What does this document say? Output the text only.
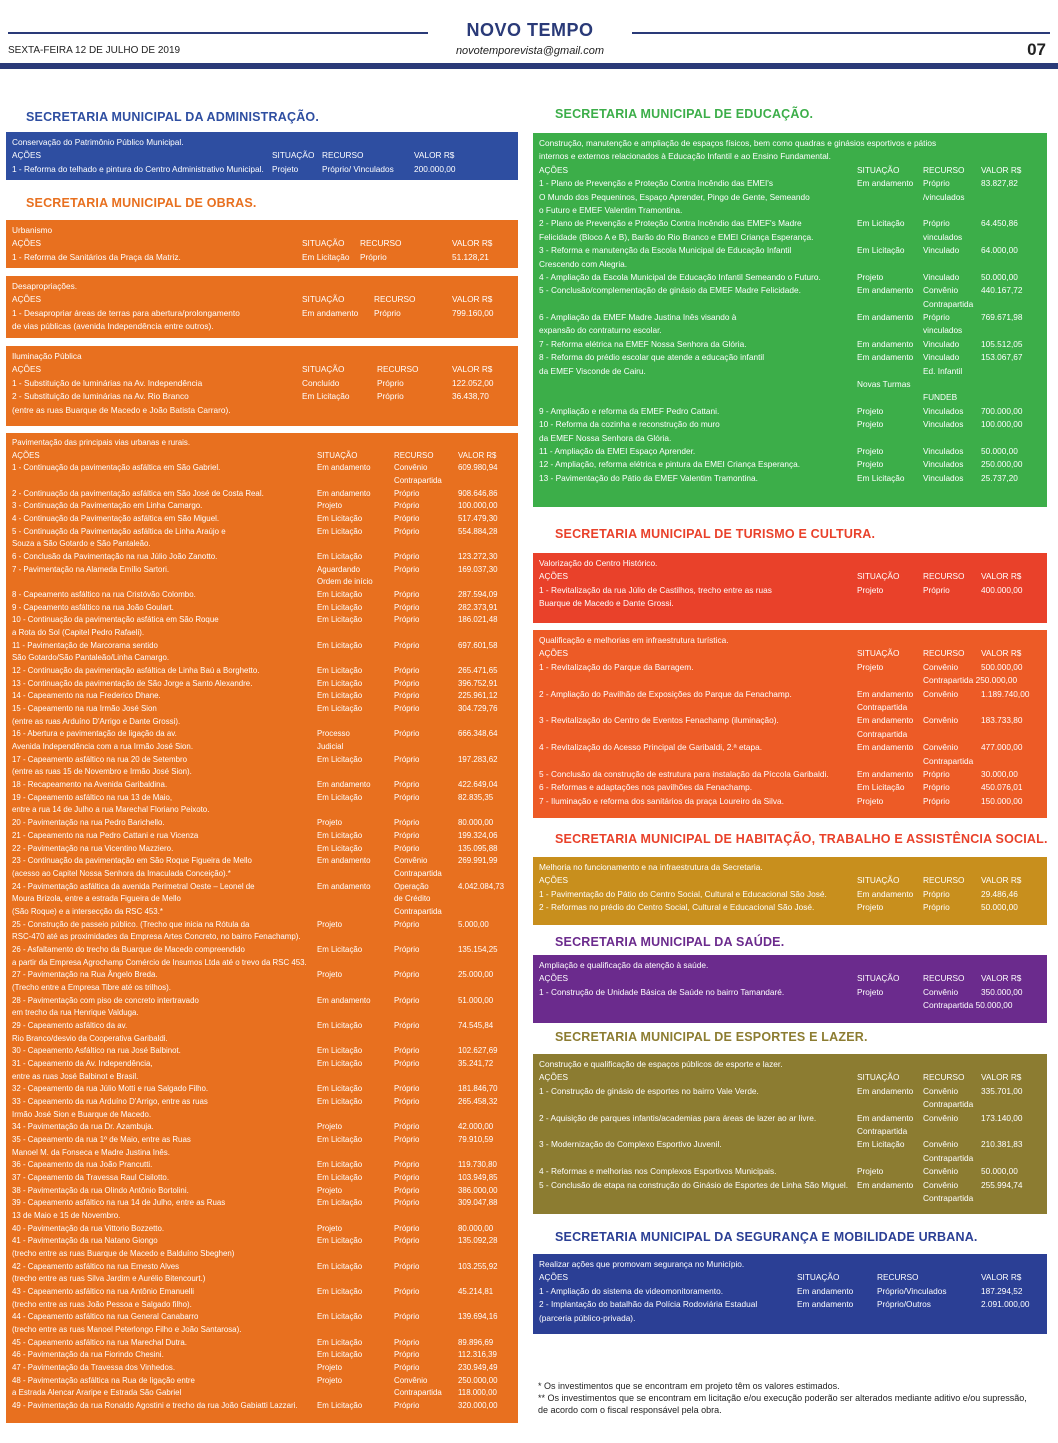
NOVO TEMPO
novotemporevista@gmail.com
SEXTA-FEIRA 12 DE JULHO DE 2019	07
SECRETARIA MUNICIPAL DA ADMINISTRAÇÃO.
Conservação do Patrimônio Público Municipal.
AÇÕES	SITUAÇÃO RECURSO	VALOR R$
1 - Reforma do telhado e pintura do Centro Administrativo Municipal. Projeto	Próprio/ Vinculados 200.000,00
SECRETARIA MUNICIPAL DE OBRAS.
Urbanismo
AÇÕES	SITUAÇÃO RECURSO	VALOR R$
1 - Reforma de Sanitários da Praça da Matriz.	Em Licitação Próprio	51.128,21
Desapropriações.
AÇÕES	SITUAÇÃO	RECURSO	VALOR R$
1 - Desapropriar áreas de terras para abertura/prolongamento	Em andamento Próprio	799.160,00
de vias públicas (avenida Independência entre outros).
Iluminação Pública
AÇÕES	SITUAÇÃO	RECURSO	VALOR R$
1 - Substituição de luminárias na Av. Independência	Concluído	Próprio	122.052,00
2 - Substituição de luminárias na Av. Rio Branco	Em Licitação	Próprio	36.438,70
(entre as ruas Buarque de Macedo e João Batista Carraro).
Pavimentação das principais vias urbanas e rurais.
AÇÕES	SITUAÇÃO	RECURSO	VALOR R$
1 - Continuação da pavimentação asfáltica em São Gabriel.	Em andamento	Convênio	609.980,94
Contrapartida
2 - Continuação da pavimentação asfáltica em São José de Costa Real.	Em andamento	Próprio	908.646,86
3 - Continuação da Pavimentação em Linha Camargo.	Projeto	Próprio	100.000,00
4 - Continuação da Pavimentação asfáltica em São Miguel.	Em Licitação	Próprio	517.479,30
5 - Continuação da Pavimentação asfáltica de Linha Araújo e	Em Licitação	Próprio	554.884,28
Souza a São Gotardo e São Pantaleão.
6 - Conclusão da Pavimentação na rua Júlio João Zanotto.	Em Licitação	Próprio	123.272,30
7 - Pavimentação na Alameda Emílio Sartori.	Aguardando	Próprio	169.037,30
Ordem de início
8 - Capeamento asfáltico na rua Cristóvão Colombo.	Em Licitação	Próprio	287.594,09
9 - Capeamento asfáltico na rua João Goulart.	Em Licitação	Próprio	282.373,91
10 - Continuação da pavimentação asfática em São Roque	Em Licitação	Próprio	186.021,48
a Rota do Sol (Capitel Pedro Rafaeli).
11 - Pavimentação de Marcorama sentido	Em Licitação	Próprio	697.601,58
São Gotardo/São Pantaleão/Linha Camargo.
12 - Continuação da pavimentação asfáltica de Linha Baú a Borghetto.	Em Licitação	Próprio	265.471,65
13 - Continuação da pavimentação de São Jorge a Santo Alexandre.	Em Licitação	Próprio	396.752,91
14 - Capeamento na rua Frederico Dhane.	Em Licitação	Próprio	225.961,12
15 - Capeamento na rua Irmão José Sion	Em Licitação	Próprio	304.729,76
(entre as ruas Arduíno D'Arrigo e Dante Grossi).
16 - Abertura e pavimentação de ligação da av.	Processo	Próprio	666.348,64
Avenida Independência com a rua Irmão José Sion.	Judicial
17 - Capeamento asfáltico na rua 20 de Setembro	Em Licitação	Próprio	197.283,62
(entre as ruas 15 de Novembro e Irmão José Sion).
18 - Recapeamento na Avenida Garibaldina.	Em andamento	Próprio	422.649,04
19 - Capeamento asfáltico na rua 13 de Maio,	Em Licitação	Próprio	82.835,35
entre a rua 14 de Julho a rua Marechal Floriano Peixoto.
20 - Pavimentação na rua Pedro Barichello.	Projeto	Próprio	80.000,00
21 - Capeamento na rua Pedro Cattani e rua Vicenza	Em Licitação	Próprio	199.324,06
22 - Pavimentação na rua Vicentino Mazziero.	Em Licitação	Próprio	135.095,88
23 - Continuação da pavimentação em São Roque Figueira de Mello	Em andamento	Convênio	269.991,99
(acesso ao Capitel Nossa Senhora da Imaculada Conceição).*	Contrapartida
24 - Pavimentação asfáltica da avenida Perimetral Oeste – Leonel de	Em andamento	Operação	4.042.084,73
Moura Brizola, entre a estrada Figueira de Mello	de Crédito
(São Roque) e a intersecção da RSC 453.*	Contrapartida
25 - Construção de passeio público. (Trecho que inicia na Rótula da	Projeto	Próprio	5.000,00
RSC-470 até as proximidades da Empresa Artes Concreto, no bairro Fenachamp).
26 - Asfaltamento do trecho da Buarque de Macedo compreendido	Em Licitação	Próprio	135.154,25
a partir da Empresa Agrochamp Comércio de Insumos Ltda até o trevo da RSC 453.
27 - Pavimentação na Rua Ângelo Breda.	Projeto	Próprio	25.000,00
(Trecho entre a Empresa Tibre até os trilhos).
28 - Pavimentação com piso de concreto intertravado	Em andamento	Próprio	51.000,00
em trecho da rua Henrique Valduga.
29 - Capeamento asfáltico da av.	Em Licitação	Próprio	74.545,84
Rio Branco/desvio da Cooperativa Garibaldi.
30 - Capeamento Asfáltico na rua José Balbinot.	Em Licitação	Próprio	102.627,69
31 - Capeamento da Av. Independência,	Em Licitação	Próprio	35.241,72
entre as ruas José Balbinot e Brasil.
32 - Capeamento da rua Júlio Motti e rua Salgado Filho.	Em Licitação	Próprio	181.846,70
33 - Capeamento da rua Arduíno D'Arrigo, entre as ruas	Em Licitação	Próprio	265.458,32
Irmão José Sion e Buarque de Macedo.
34 - Pavimentação da rua Dr. Azambuja.	Projeto	Próprio	42.000,00
35 - Capeamento da rua 1º de Maio, entre as Ruas	Em Licitação	Próprio	79.910,59
Manoel M. da Fonseca e Madre Justina Inês.
36 - Capeamento da rua João Prancutti.	Em Licitação	Próprio	119.730,80
37 - Capeamento da Travessa Raul Cisilotto.	Em Licitação	Próprio	103.949,85
38 - Pavimentação da rua Olindo Antônio Bortolini.	Projeto	Próprio	386.000,00
39 - Capeamento asfáltico na rua 14 de Julho, entre as Ruas	Em Licitação	Próprio	309.047,88
13 de Maio e 15 de Novembro.
40 - Pavimentação da rua Vittorio Bozzetto.	Projeto	Próprio	80.000,00
41 - Pavimentação da rua Natano Giongo	Em Licitação	Próprio	135.092,28
(trecho entre as ruas Buarque de Macedo e Balduíno Sbeghen)
42 - Capeamento asfáltico na rua Ernesto Alves	Em Licitação	Próprio	103.255,92
(trecho entre as ruas Silva Jardim e Aurélio Bitencourt.)
43 - Capeamento asfáltico na rua Antônio Emanuelli	Em Licitação	Próprio	45.214,81
(trecho entre as ruas João Pessoa e Salgado filho).
44 - Capeamento asfáltico na rua General Canabarro	Em Licitação	Próprio	139.694,16
(trecho entre as ruas Manoel Peterlongo Filho e João Santarosa).
45 - Capeamento asfáltico na rua Marechal Dutra.	Em Licitação	Próprio	89.896,69
46 - Pavimentação da rua Fiorindo Chesini.	Em Licitação	Próprio	112.316,39
47 - Pavimentação da Travessa dos Vinhedos.	Projeto	Próprio	230.949,49
48 - Pavimentação asfáltica na Rua de ligação entre	Projeto	Convênio	250.000,00
a Estrada Alencar Araripe e Estrada São Gabriel	Contrapartida 118.000,00
49 - Pavimentação da rua Ronaldo Agostini e trecho da rua João Gabiatti Lazzari. Em Licitação	Próprio	320.000,00
SECRETARIA MUNICIPAL DE EDUCAÇÃO.
Construção, manutenção e ampliação de espaços físicos, bem como quadras e ginásios esportivos e pátios
internos e externos relacionados à Educação Infantil e ao Ensino Fundamental.
AÇÕES	SITUAÇÃO	RECURSO VALOR R$
1 - Plano de Prevenção e Proteção Contra Incêndio das EMEI's	Em andamento Próprio	83.827,82
O Mundo dos Pequeninos, Espaço Aprender, Pingo de Gente, Semeando	/vinculados
o Futuro e EMEF Valentim Tramontina.
2 - Plano de Prevenção e Proteção Contra Incêndio das EMEF's Madre	Em Licitação Próprio	64.450,86
Felicidade (Bloco A e B), Barão do Rio Branco e EMEI Criança Esperança.	vinculados
3 - Reforma e manutenção da Escola Municipal de Educação Infantil	Em Licitação Vinculado	64.000,00
Crescendo com Alegria.
4 - Ampliação da Escola Municipal de Educação Infantil Semeando o Futuro.	Projeto	Vinculado	50.000,00
5 - Conclusão/complementação de ginásio da EMEF Madre Felicidade.	Em andamento Convênio	440.167,72
Contrapartida
6 - Ampliação da EMEF Madre Justina Inês visando à	Em andamento Próprio	769.671,98
expansão do contraturno escolar.	vinculados
7 - Reforma elétrica na EMEF Nossa Senhora da Glória.	Em andamento Vinculado	105.512,05
8 - Reforma do prédio escolar que atende a educação infantil	Em andamento Vinculado	153.067,67
da EMEF Visconde de Cairu.	Ed. Infantil
Novas Turmas
FUNDEB
9 - Ampliação e reforma da EMEF Pedro Cattani.	Projeto	Vinculados 700.000,00
10 - Reforma da cozinha e reconstrução do muro	Projeto	Vinculados 100.000,00
da EMEF Nossa Senhora da Glória.
11 - Ampliação da EMEI Espaço Aprender.	Projeto	Vinculados 50.000,00
12 - Ampliação, reforma elétrica e pintura da EMEI Criança Esperança.	Projeto	Vinculados 250.000,00
13 - Pavimentação do Pátio da EMEF Valentim Tramontina.	Em Licitação Vinculados 25.737,20
SECRETARIA MUNICIPAL DE TURISMO E CULTURA.
Valorização do Centro Histórico.
AÇÕES	SITUAÇÃO	RECURSO VALOR R$
1 - Revitalização da rua Júlio de Castilhos, trecho entre as ruas	Projeto	Próprio	400.000,00
Buarque de Macedo e Dante Grossi.
Qualificação e melhorias em infraestrutura turística.
AÇÕES	SITUAÇÃO	RECURSO VALOR R$
1 - Revitalização do Parque da Barragem.	Projeto	Convênio	500.000,00
Contrapartida 250.000,00
2 - Ampliação do Pavilhão de Exposições do Parque da Fenachamp.	Em andamento Convênio	1.189.740,00
Contrapartida
3 - Revitalização do Centro de Eventos Fenachamp (iluminação).	Em andamento Convênio	183.733,80
Contrapartida
4 - Revitalização do Acesso Principal de Garibaldi, 2.ª etapa.	Em andamento Convênio	477.000,00
Contrapartida
5 - Conclusão da construção de estrutura para instalação da Píccola Garibaldi.	Em andamento Próprio	30.000,00
6 - Reformas e adaptações nos pavilhões da Fenachamp.	Em Licitação Próprio	450.076,01
7 - Iluminação e reforma dos sanitários da praça Loureiro da Silva.	Projeto	Próprio	150.000,00
SECRETARIA MUNICIPAL DE HABITAÇÃO, TRABALHO E ASSISTÊNCIA SOCIAL.
Melhoria no funcionamento e na infraestrutura da Secretaria.
AÇÕES	SITUAÇÃO	RECURSO VALOR R$
1 - Pavimentação do Pátio do Centro Social, Cultural e Educacional São José.	Em andamento Próprio	29.486,46
2 - Reformas no prédio do Centro Social, Cultural e Educacional São José.	Projeto	Próprio	50.000,00
SECRETARIA MUNICIPAL DA SAÚDE.
Ampliação e qualificação da atenção à saúde.
AÇÕES	SITUAÇÃO	RECURSO VALOR R$
1 - Construção de Unidade Básica de Saúde no bairro Tamandaré.	Projeto	Convênio	350.000,00
Contrapartida 50.000,00
SECRETARIA MUNICIPAL DE ESPORTES E LAZER.
Construção e qualificação de espaços públicos de esporte e lazer.
AÇÕES	SITUAÇÃO	RECURSO VALOR R$
1 - Construção de ginásio de esportes no bairro Vale Verde.	Em andamento Convênio	335.701,00
Contrapartida
2 - Aquisição de parques infantis/academias para áreas de lazer ao ar livre.	Em andamento Convênio	173.140,00
Contrapartida
3 - Modernização do Complexo Esportivo Juvenil.	Em Licitação Convênio	210.381,83
Contrapartida
4 - Reformas e melhorias nos Complexos Esportivos Municipais.	Projeto	Convênio	50.000,00
5 - Conclusão de etapa na construção do Ginásio de Esportes de Linha São Miguel. Em andamento Convênio	255.994,74
Contrapartida
SECRETARIA MUNICIPAL DA SEGURANÇA E MOBILIDADE URBANA.
Realizar ações que promovam segurança no Município.
AÇÕES	SITUAÇÃO	RECURSO	VALOR R$
1 - Ampliação do sistema de videomonitoramento.	Em andamento	Próprio/Vinculados	187.294,52
2 - Implantação do batalhão da Polícia Rodoviária Estadual	Em andamento	Próprio/Outros	2.091.000,00
(parceria público-privada).
* Os investimentos que se encontram em projeto têm os valores estimados.
** Os investimentos que se encontram em licitação e/ou execução poderão ser alterados mediante aditivo e/ou supressão,
de acordo com o fiscal responsável pela obra.
